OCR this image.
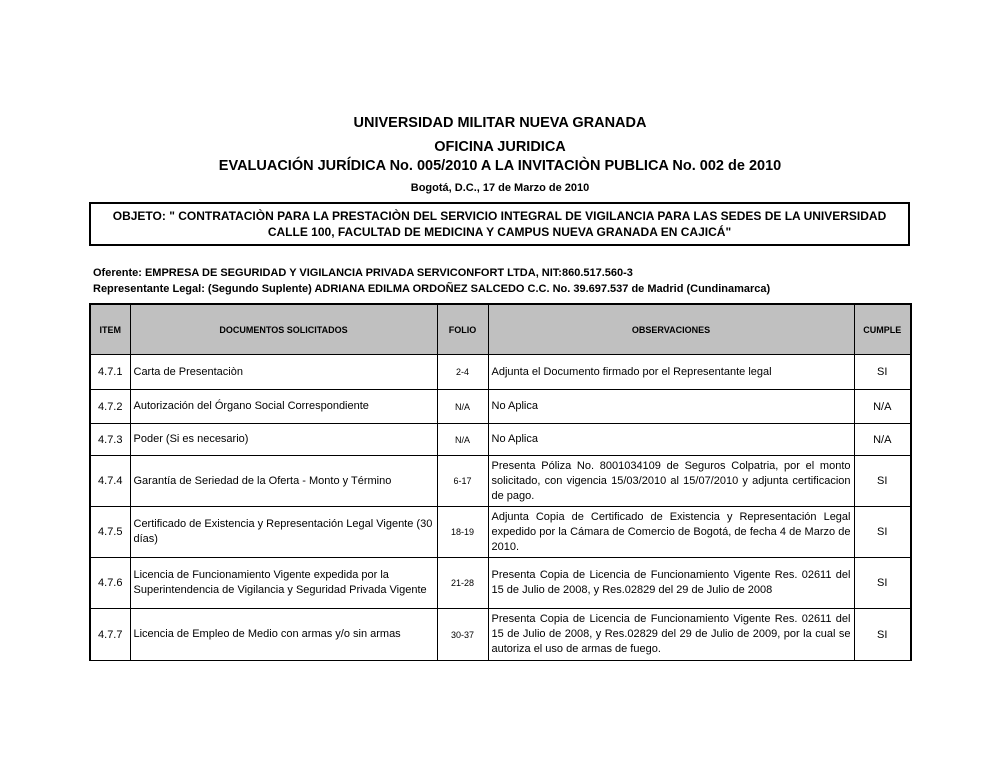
UNIVERSIDAD MILITAR NUEVA GRANADA
OFICINA JURIDICA
EVALUACIÓN JURÍDICA No. 005/2010 A LA INVITACIÒN PUBLICA No. 002 de 2010
Bogotá, D.C., 17 de Marzo de 2010
OBJETO: " CONTRATACIÒN PARA LA PRESTACIÒN DEL SERVICIO INTEGRAL DE VIGILANCIA PARA LAS SEDES DE LA UNIVERSIDAD CALLE 100, FACULTAD DE MEDICINA Y CAMPUS NUEVA GRANADA EN CAJICÁ"
Oferente: EMPRESA DE SEGURIDAD Y VIGILANCIA PRIVADA SERVICONFORT LTDA, NIT:860.517.560-3
Representante Legal: (Segundo Suplente) ADRIANA EDILMA ORDOÑEZ SALCEDO C.C. No. 39.697.537 de Madrid (Cundinamarca)
ITEM	DOCUMENTOS SOLICITADOS	FOLIO	OBSERVACIONES	CUMPLE
4.7.1	Carta de Presentaciòn	2-4	Adjunta el Documento firmado por el Representante legal	SI
4.7.2	Autorización del Órgano Social Correspondiente	N/A	No Aplica	N/A
4.7.3	Poder (Si es necesario)	N/A	No Aplica	N/A
4.7.4	Garantía de Seriedad de la Oferta - Monto y Término	6-17	Presenta Póliza No. 8001034109 de Seguros Colpatria, por el monto solicitado, con vigencia 15/03/2010 al 15/07/2010 y adjunta certificacion de pago.	SI
4.7.5	Certificado de Existencia y Representación Legal Vigente (30 días)	18-19	Adjunta Copia de Certificado de Existencia y Representación Legal expedido por la Cámara de Comercio de Bogotá, de fecha 4 de Marzo de 2010.	SI
4.7.6	Licencia de Funcionamiento Vigente expedida por la Superintendencia de Vigilancia y Seguridad Privada Vigente	21-28	Presenta Copia de Licencia de Funcionamiento Vigente Res. 02611 del 15 de Julio de 2008, y Res.02829 del 29 de Julio de 2008	SI
4.7.7	Licencia de Empleo de Medio con armas y/o sin armas	30-37	Presenta Copia de Licencia de Funcionamiento Vigente Res. 02611 del 15 de Julio de 2008, y Res.02829 del 29 de Julio de 2009, por la cual se autoriza el uso de armas de fuego.	SI
